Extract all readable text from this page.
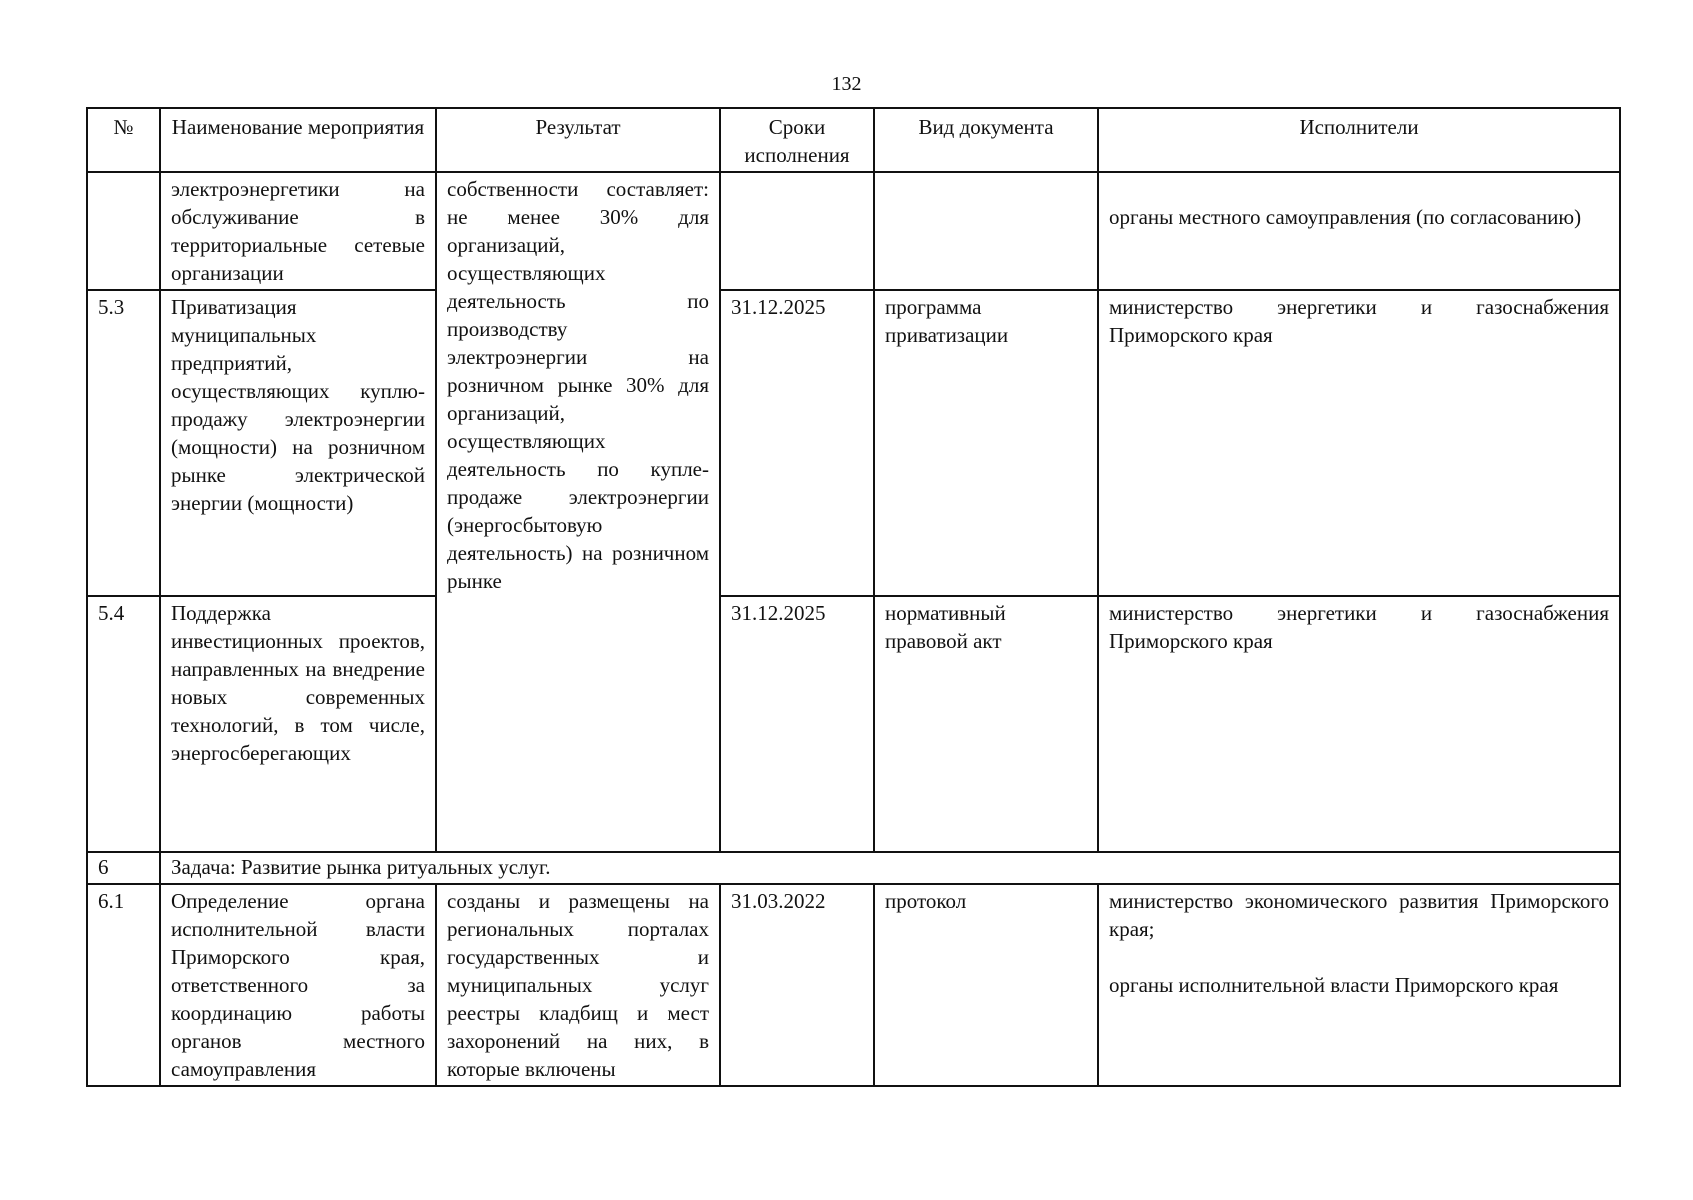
132
№	Наименование мероприятия	Результат	Сроки исполнения	Вид документа	Исполнители
	электроэнергетики на обслуживание в территориальные сетевые организации	собственности составляет: не менее 30% для организаций, осуществляющих деятельность по производству электроэнергии на розничном рынке 30% для организаций, осуществляющих деятельность по купле-продаже электроэнергии (энергосбытовую деятельность) на розничном рынке			органы местного самоуправления (по согласованию)
5.3	Приватизация муниципальных предприятий, осуществляющих куплю-продажу электроэнергии (мощности) на розничном рынке электрической энергии (мощности)		31.12.2025	программа приватизации	министерство энергетики и газоснабжения Приморского края
5.4	Поддержка инвестиционных проектов, направленных на внедрение новых современных технологий, в том числе, энергосберегающих		31.12.2025	нормативный правовой акт	министерство энергетики и газоснабжения Приморского края
6	Задача: Развитие рынка ритуальных услуг.				
6.1	Определение органа исполнительной власти Приморского края, ответственного за координацию работы органов местного самоуправления	созданы и размещены на региональных порталах государственных и муниципальных услуг реестры кладбищ и мест захоронений на них, в которые включены	31.03.2022	протокол	министерство экономического развития Приморского края;
органы исполнительной власти Приморского края
